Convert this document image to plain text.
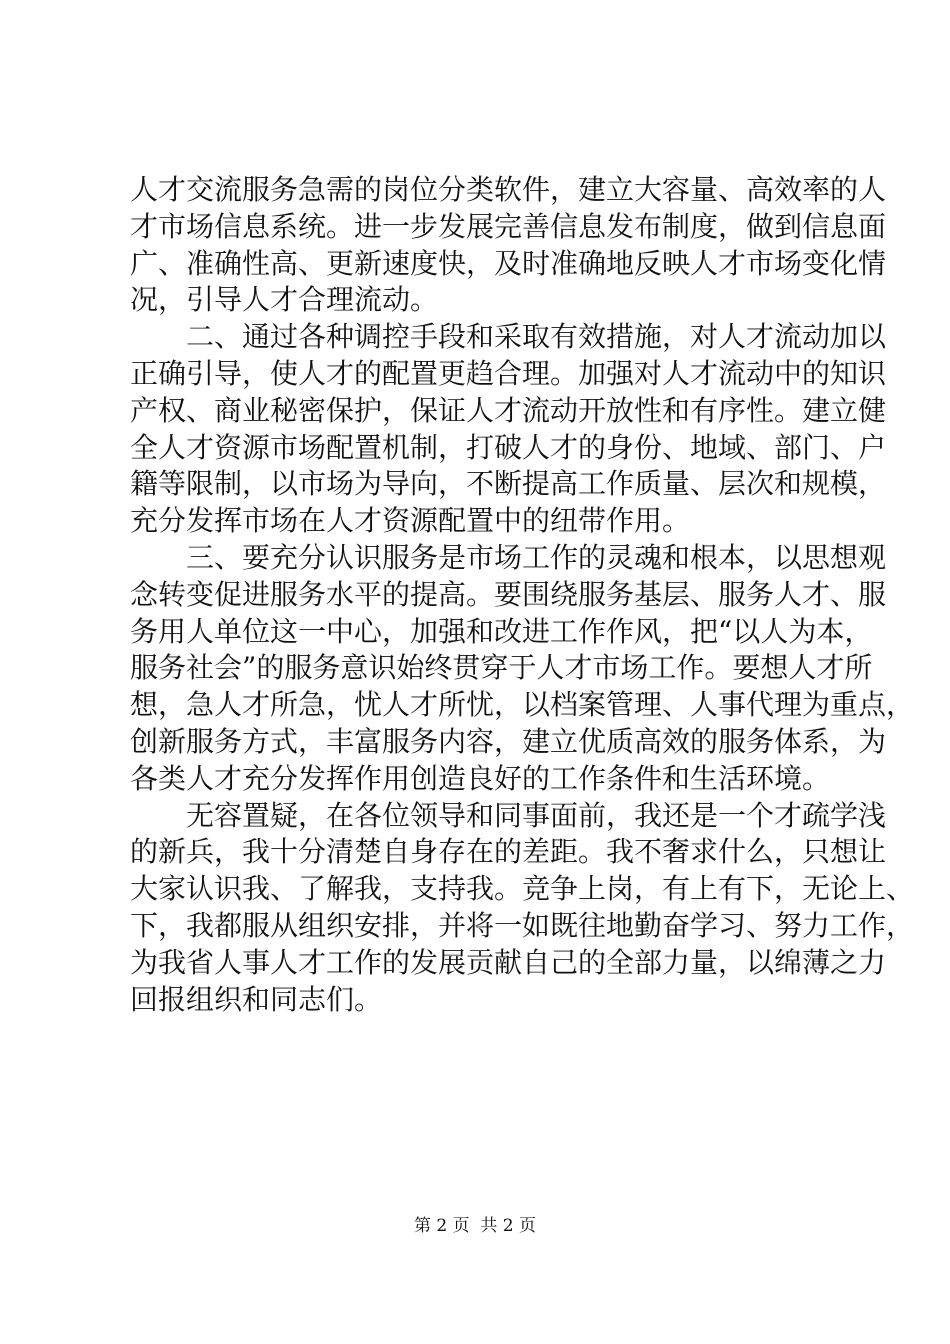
人才交流服务急需的岗位分类软件，建立大容量、高效率的人
才市场信息系统。进一步发展完善信息发布制度，做到信息面
广、准确性高、更新速度快，及时准确地反映人才市场变化情
况，引导人才合理流动。
二、通过各种调控手段和采取有效措施，对人才流动加以
正确引导，使人才的配置更趋合理。加强对人才流动中的知识
产权、商业秘密保护，保证人才流动开放性和有序性。建立健
全人才资源市场配置机制，打破人才的身份、地域、部门、户
籍等限制，以市场为导向，不断提高工作质量、层次和规模，
充分发挥市场在人才资源配置中的纽带作用。
三、要充分认识服务是市场工作的灵魂和根本，以思想观
念转变促进服务水平的提高。要围绕服务基层、服务人才、服
务用人单位这一中心，加强和改进工作作风，把“以人为本，
服务社会”的服务意识始终贯穿于人才市场工作。要想人才所
想，急人才所急，忧人才所忧，以档案管理、人事代理为重点，
创新服务方式，丰富服务内容，建立优质高效的服务体系，为
各类人才充分发挥作用创造良好的工作条件和生活环境。
无容置疑，在各位领导和同事面前，我还是一个才疏学浅
的新兵，我十分清楚自身存在的差距。我不奢求什么，只想让
大家认识我、了解我，支持我。竞争上岗，有上有下，无论上、
下，我都服从组织安排，并将一如既往地勤奋学习、努力工作，
为我省人事人才工作的发展贡献自己的全部力量，以绵薄之力
回报组织和同志们。
第 2 页  共 2 页
